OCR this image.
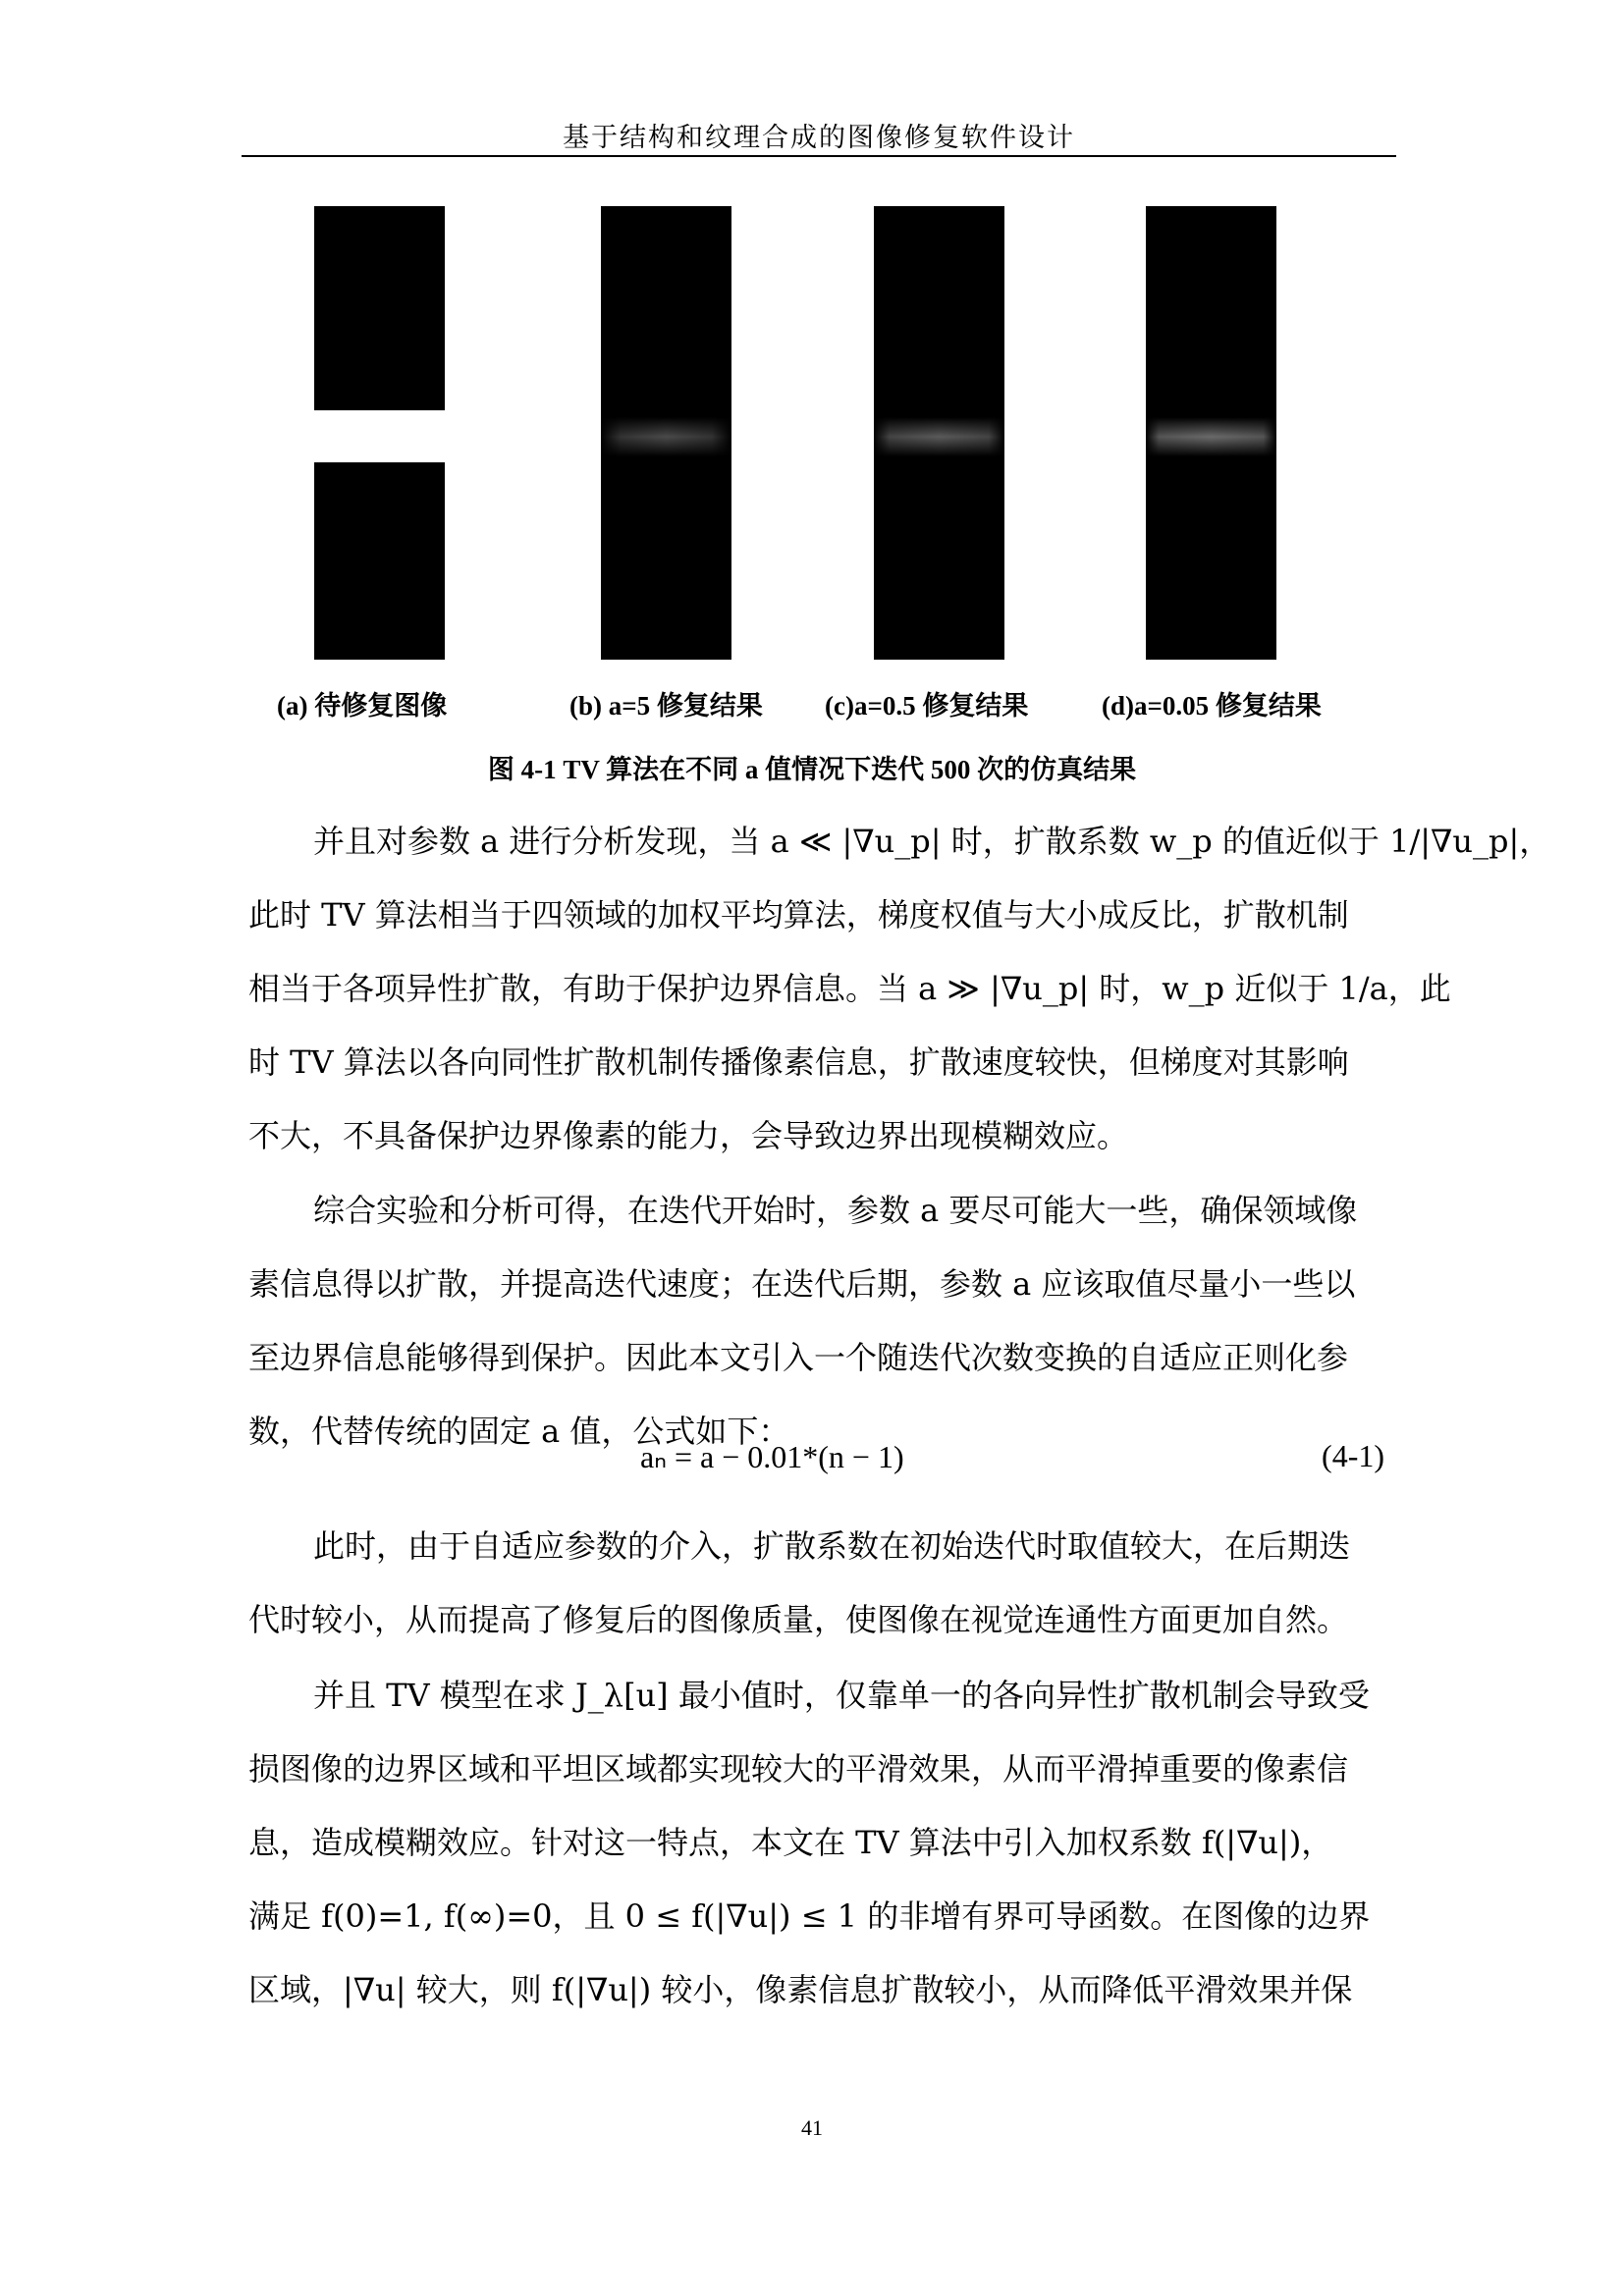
基于结构和纹理合成的图像修复软件设计
(a) 待修复图像	(b) a=5 修复结果 (c)a=0.5 修复结果	(d)a=0.05 修复结果
图 4-1 TV 算法在不同 a 值情况下迭代 500 次的仿真结果
并且对参数 a 进行分析发现，当 a ≪ |∇u_p| 时，扩散系数 w_p 的值近似于 1/|∇u_p|，
此时 TV 算法相当于四领域的加权平均算法，梯度权值与大小成反比，扩散机制
相当于各项异性扩散，有助于保护边界信息。当 a ≫ |∇u_p| 时，w_p 近似于 1/a，此
时 TV 算法以各向同性扩散机制传播像素信息，扩散速度较快，但梯度对其影响
不大，不具备保护边界像素的能力，会导致边界出现模糊效应。
综合实验和分析可得，在迭代开始时，参数 a 要尽可能大一些，确保领域像
素信息得以扩散，并提高迭代速度；在迭代后期，参数 a 应该取值尽量小一些以
至边界信息能够得到保护。因此本文引入一个随迭代次数变换的自适应正则化参
数，代替传统的固定 a 值，公式如下：
aₙ = a − 0.01*(n − 1)	(4-1)
此时，由于自适应参数的介入，扩散系数在初始迭代时取值较大，在后期迭
代时较小，从而提高了修复后的图像质量，使图像在视觉连通性方面更加自然。
并且 TV 模型在求 J_λ[u] 最小值时，仅靠单一的各向异性扩散机制会导致受
损图像的边界区域和平坦区域都实现较大的平滑效果，从而平滑掉重要的像素信
息，造成模糊效应。针对这一特点，本文在 TV 算法中引入加权系数 f(|∇u|)，
满足 f(0)=1, f(∞)=0，且 0 ≤ f(|∇u|) ≤ 1 的非增有界可导函数。在图像的边界
区域，|∇u| 较大，则 f(|∇u|) 较小，像素信息扩散较小，从而降低平滑效果并保
41
